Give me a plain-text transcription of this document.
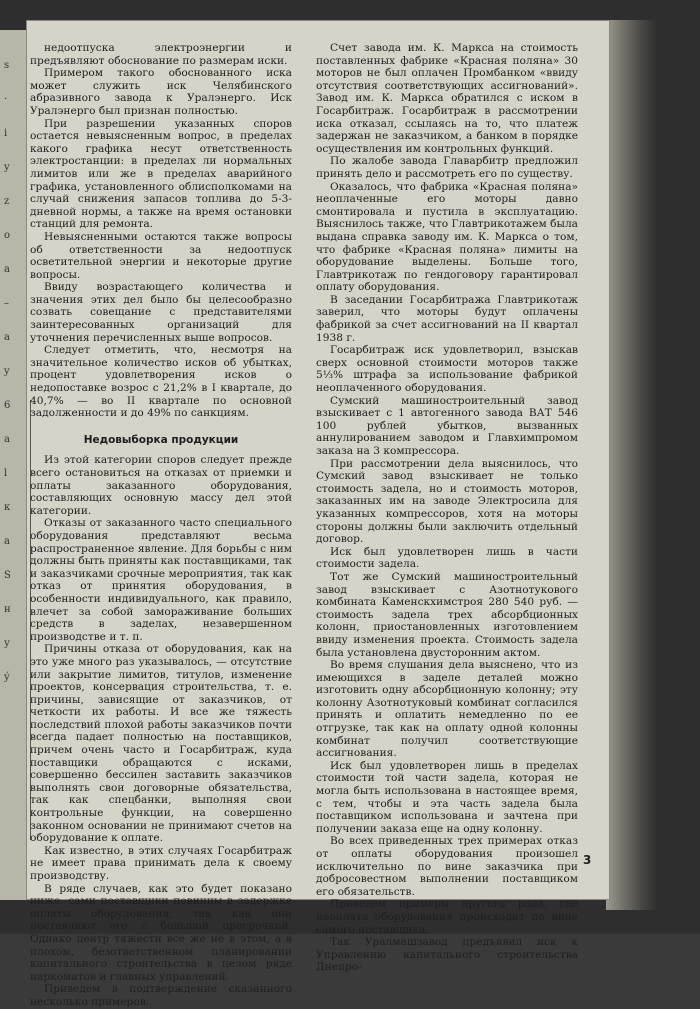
s
·
i
y
z
o
a
–
a
y
6
a
l
к
а
S
н
у
ý

недоотпуска электроэнергии и предъявляют обоснование по размерам иски.

Примером такого обоснованного иска может служить иск Челябинского абразивного завода к Уралэнерго. Иск Уралэнерго был признан полностью.

При разрешении указанных споров остается невыясненным вопрос, в пределах какого графика несут ответственность электростанции: в пределах ли нормальных лимитов или же в пределах аварийного графика, установленного облисполкомами на случай снижения запасов топлива до 5-3-дневной нормы, а также на время остановки станций для ремонта.

Невыясненными остаются также вопросы об ответственности за недоотпуск осветительной энергии и некоторые другие вопросы.

Ввиду возрастающего количества и значения этих дел было бы целесообразно созвать совещание с представителями заинтересованных организаций для уточнения перечисленных выше вопросов.

Следует отметить, что, несмотря на значительное количество исков об убытках, процент удовлетворения исков о недопоставке возрос с 21,2% в I квартале, до 40,7% — во II квартале по основной задолженности и до 49% по санкциям.

Недовыборка продукции

Из этой категории споров следует прежде всего остановиться на отказах от приемки и оплаты заказанного оборудования, составляющих основную массу дел этой категории.

Отказы от заказанного часто специального оборудования представляют весьма распространенное явление. Для борьбы с ним должны быть приняты как поставщиками, так и заказчиками срочные мероприятия, так как отказ от принятия оборудования, в особенности индивидуального, как правило, влечет за собой замораживание больших средств в заделах, незавершенном производстве и т. п.

Причины отказа от оборудования, как на это уже много раз указывалось, — отсутствие или закрытие лимитов, титулов, изменение проектов, консервация строительства, т. е. причины, зависящие от заказчиков, от четкости их работы. И все же тяжесть последствий плохой работы заказчиков почти всегда падает полностью на поставщиков, причем очень часто и Госарбитраж, куда поставщики обращаются с исками, совершенно бессилен заставить заказчиков выполнять свои договорные обязательства, так как спецбанки, выполняя свои контрольные функции, на совершенно законном основании не принимают счетов на оборудование к оплате.

Как известно, в этих случаях Госарбитраж не имеет права принимать дела к своему производству.

В ряде случаев, как это будет показано ниже, сами поставщики повинны в задержке оплаты оборудования, так как они поставляют его с большой просрочкой. Однако центр тяжести все же не в этом, а в плохом, безответственном планировании капитального строительства в целом ряде наркоматов и главных управлений.

Приведем в подтверждение сказанного несколько примеров.

Счет завода им. К. Маркса на стоимость поставленных фабрике «Красная поляна» 30 моторов не был оплачен Промбанком «ввиду отсутствия соответствующих ассигнований». Завод им. К. Маркса обратился с иском в Госарбитраж. Госарбитраж в рассмотрении иска отказал, ссылаясь на то, что платеж задержан не заказчиком, а банком в порядке осуществления им контрольных функций.

По жалобе завода Главарбитр предложил принять дело и рассмотреть его по существу.

Оказалось, что фабрика «Красная поляна» неоплаченные его моторы давно смонтировала и пустила в эксплуатацию. Выяснилось также, что Главтрикотажем была выдана справка заводу им. К. Маркса о том, что фабрике «Красная поляна» лимиты на оборудование выделены. Больше того, Главтрикотаж по гендоговору гарантировал оплату оборудования.

В заседании Госарбитража Главтрикотаж заверил, что моторы будут оплачены фабрикой за счет ассигнований на II квартал 1938 г.

Госарбитраж иск удовлетворил, взыскав сверх основной стоимости моторов также 5⅓% штрафа за использование фабрикой неоплаченного оборудования.

Сумский машиностроительный завод взыскивает с 1 автогенного завода ВАТ 546 100 рублей убытков, вызванных аннулированием заводом и Главхимпромом заказа на 3 компрессора.

При рассмотрении дела выяснилось, что Сумский завод взыскивает не только стоимость задела, но и стоимость моторов, заказанных им на заводе Электросила для указанных компрессоров, хотя на моторы стороны должны были заключить отдельный договор.

Иск был удовлетворен лишь в части стоимости задела.

Тот же Сумский машиностроительный завод взыскивает с Азотнотукового комбината Каменскхимстроя 280 540 руб. — стоимость задела трех абсорбционных колонн, приостановленных изготовлением ввиду изменения проекта. Стоимость задела была установлена двусторонним актом.

Во время слушания дела выяснено, что из имеющихся в заделе деталей можно изготовить одну абсорбционную колонну; эту колонну Азотнотуковый комбинат согласился принять и оплатить немедленно по ее отгрузке, так как на оплату одной колонны комбинат получил соответствующие ассигнования.

Иск был удовлетворен лишь в пределах стоимости той части задела, которая не могла быть использована в настоящее время, с тем, чтобы и эта часть задела была поставщиком использована и зачтена при получении заказа еще на одну колонну.

Во всех приведенных трех примерах отказ от оплаты оборудования произошел исключительно по вине заказчика при добросовестном выполнении поставщиком его обязательств.

Приведем примеры другого рода, где неоплата оборудования происходит по вине самого поставщика.

Так Уралмашзавод предъявил иск к Управлению капитального строительства Днепро-

3
